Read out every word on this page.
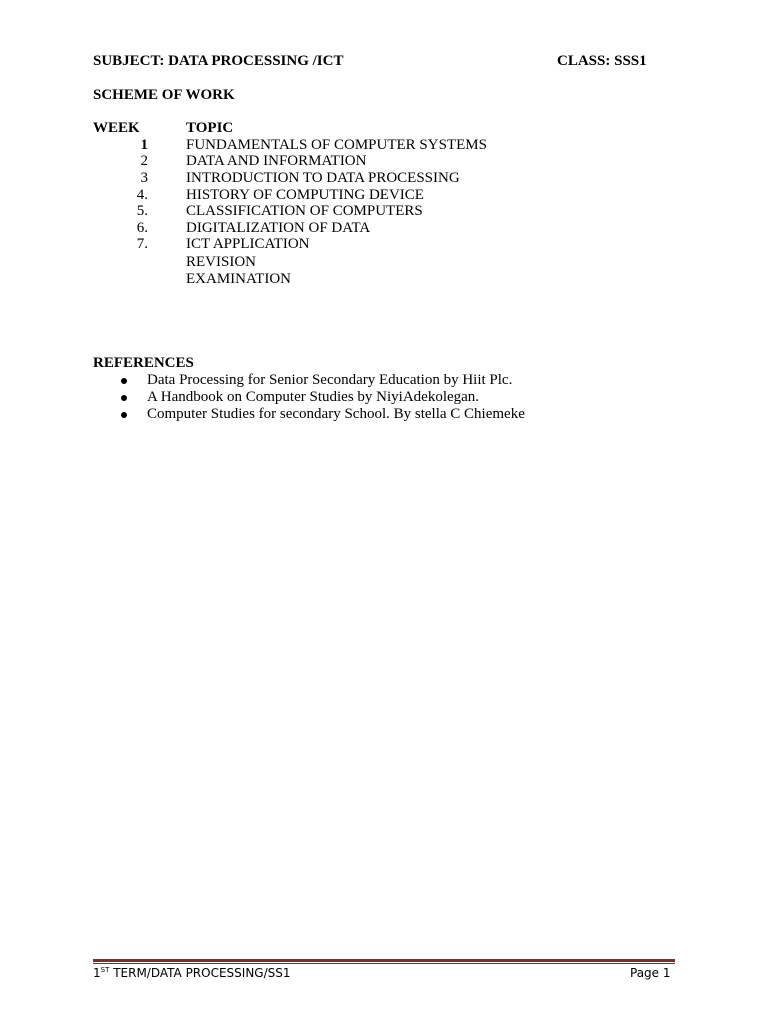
SUBJECT: DATA PROCESSING /ICT	CLASS: SSS1
SCHEME OF WORK
WEEK	TOPIC
1	FUNDAMENTALS OF COMPUTER SYSTEMS
2	DATA AND INFORMATION
3	INTRODUCTION TO DATA PROCESSING
4.	HISTORY OF COMPUTING DEVICE
5.	CLASSIFICATION OF COMPUTERS
6.	DIGITALIZATION OF DATA
7.	ICT APPLICATION
REVISION
EXAMINATION
REFERENCES
Data Processing for Senior Secondary Education by Hiit Plc.
A Handbook on Computer Studies by NiyiAdekolegan.
Computer Studies for secondary School. By stella C Chiemeke
1ST TERM/DATA PROCESSING/SS1	Page 1
